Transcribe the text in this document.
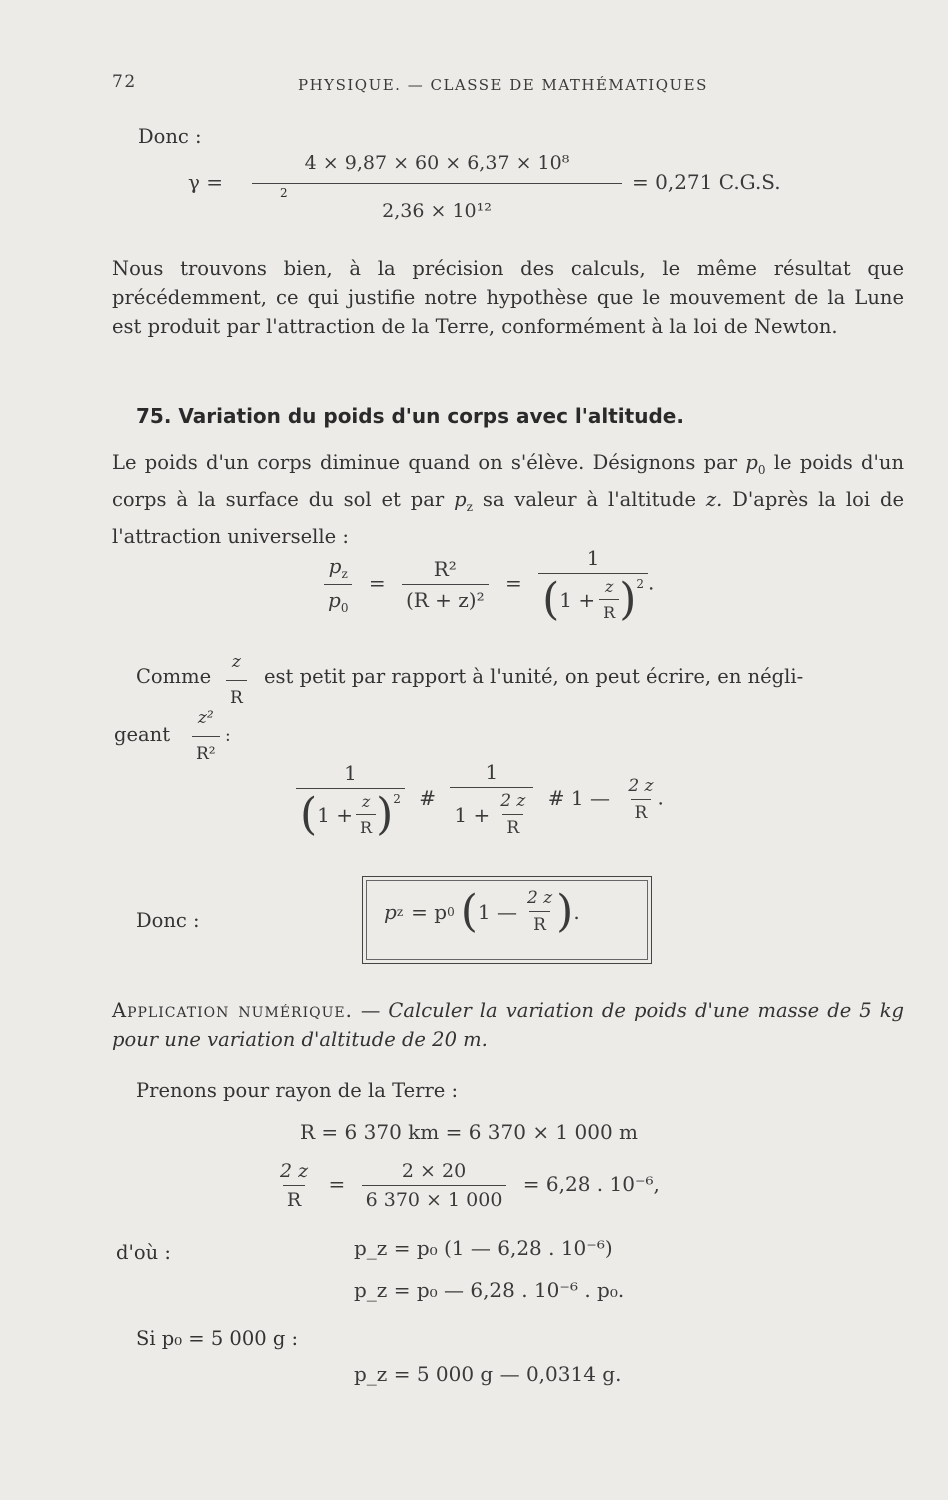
72	PHYSIQUE. — CLASSE DE MATHÉMATIQUES
Donc :
γ =
4 × 9,87 × 60 × 6,37 × 10⁸
2
2,36 × 10¹²
= 0,271 C.G.S.
Nous trouvons bien, à la précision des calculs, le même résultat que précédemment, ce qui justifie notre hypothèse que le mouvement de la Lune est produit par l'attraction de la Terre, conformément à la loi de Newton.
75. Variation du poids d'un corps avec l'altitude.
Le poids d'un corps diminue quand on s'élève. Désignons par $p_0$ le poids d'un corps à la surface du sol et par $p_z$ sa valeur à l'altitude z. D'après la loi de l'attraction universelle :
$\frac{p_z}{p_0} = \frac{\text{R²}}{\text{(R + z)²}} = \frac{1}{( 1 + \frac{z}{R} )^2}$ .
Comme $\frac{z}{R}$ est petit par rapport à l'unité, on peut écrire, en négli-
geant $\frac{\text{z²}}{\text{R²}}$ :
$\frac{1}{( 1 + \frac{z}{R} )^2}$ # $\frac{1}{1 + \frac{2 z}{R}}$ # 1 — $\frac{2 z}{R}$ .
Donc :	p z = p 0 ( 1 — $\frac{2 z}{R}$ ) .
Application numérique. — Calculer la variation de poids d'une masse de 5 kg pour une variation d'altitude de 20 m.
Prenons pour rayon de la Terre :
R = 6 370 km = 6 370 × 1 000 m
$\frac{2 z}{R} = \frac{2 \times 20}{6 370 \times 1 000} = 6,28$ . 10⁻⁶,
d'où :	p_z = p₀ (1 — 6,28 . 10⁻⁶)
p_z = p₀ — 6,28 . 10⁻⁶ . p₀.
Si p₀ = 5 000 g :
p_z = 5 000 g — 0,0314 g.
